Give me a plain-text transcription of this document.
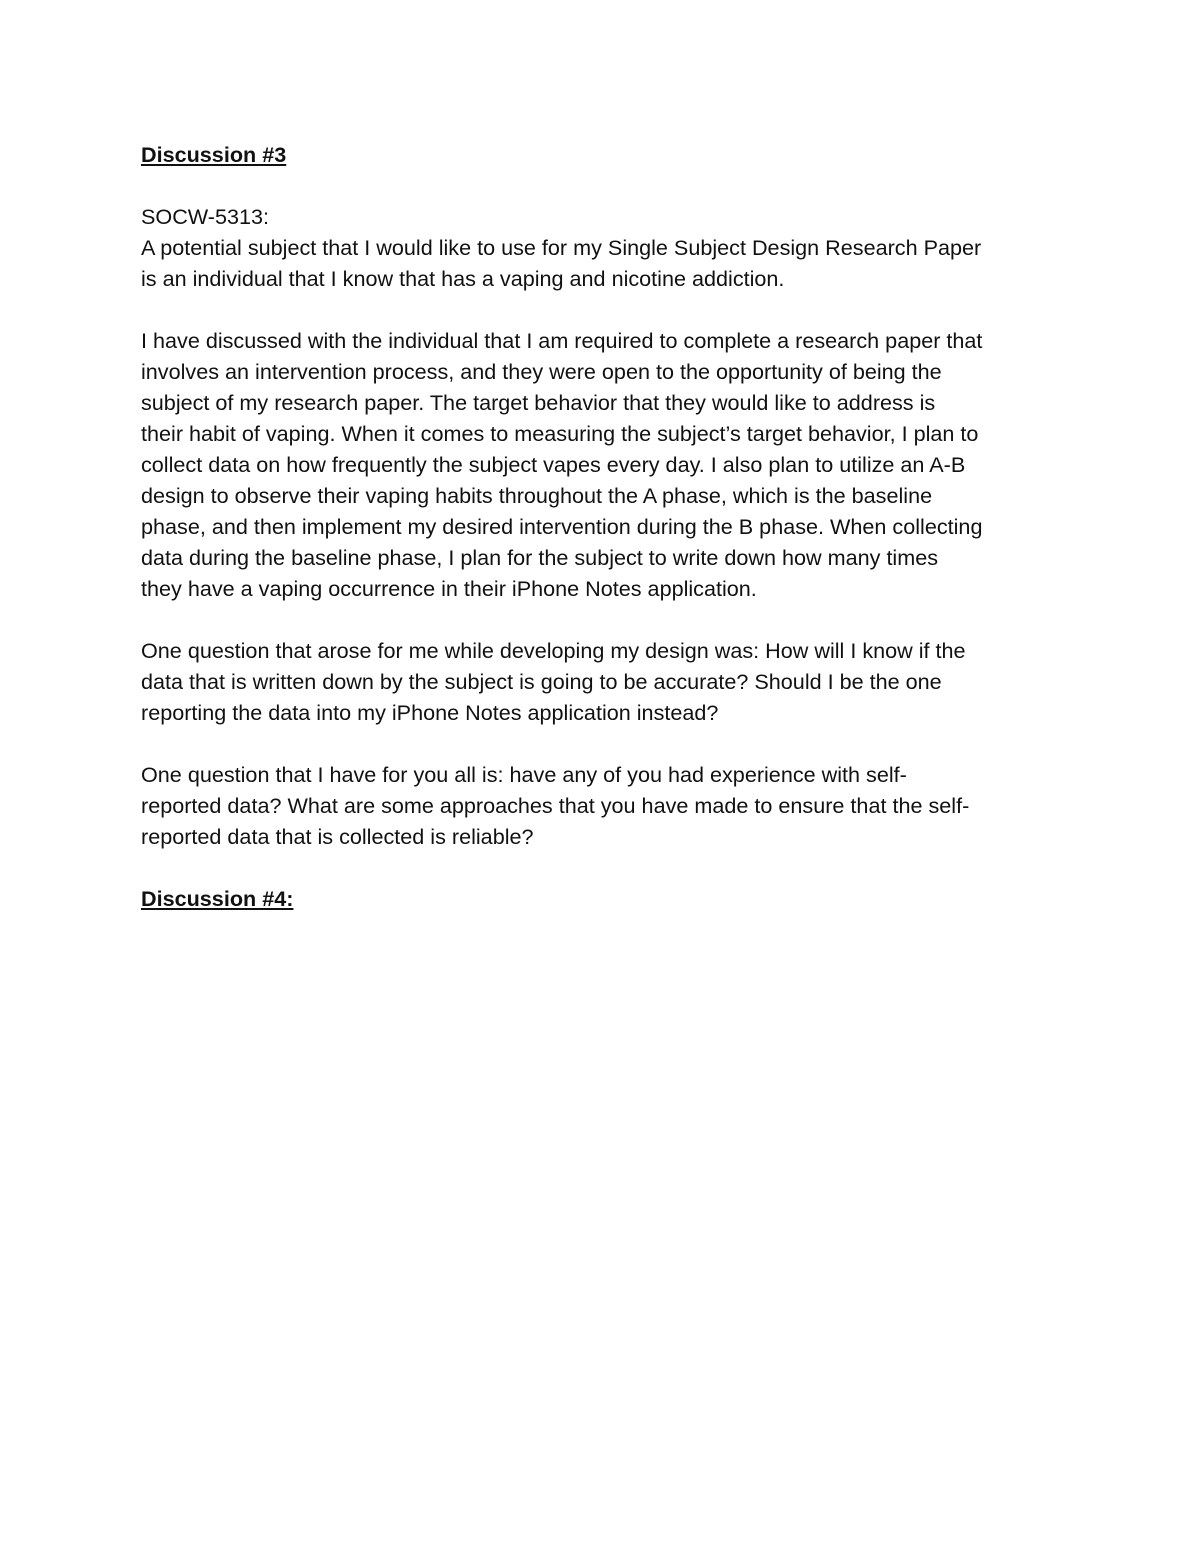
Discussion #3
SOCW-5313:
A potential subject that I would like to use for my Single Subject Design Research Paper
is an individual that I know that has a vaping and nicotine addiction.
I have discussed with the individual that I am required to complete a research paper that
involves an intervention process, and they were open to the opportunity of being the
subject of my research paper. The target behavior that they would like to address is
their habit of vaping. When it comes to measuring the subject’s target behavior, I plan to
collect data on how frequently the subject vapes every day. I also plan to utilize an A-B
design to observe their vaping habits throughout the A phase, which is the baseline
phase, and then implement my desired intervention during the B phase. When collecting
data during the baseline phase, I plan for the subject to write down how many times
they have a vaping occurrence in their iPhone Notes application.
One question that arose for me while developing my design was: How will I know if the
data that is written down by the subject is going to be accurate? Should I be the one
reporting the data into my iPhone Notes application instead?
One question that I have for you all is: have any of you had experience with self-
reported data? What are some approaches that you have made to ensure that the self-
reported data that is collected is reliable?
Discussion #4:
